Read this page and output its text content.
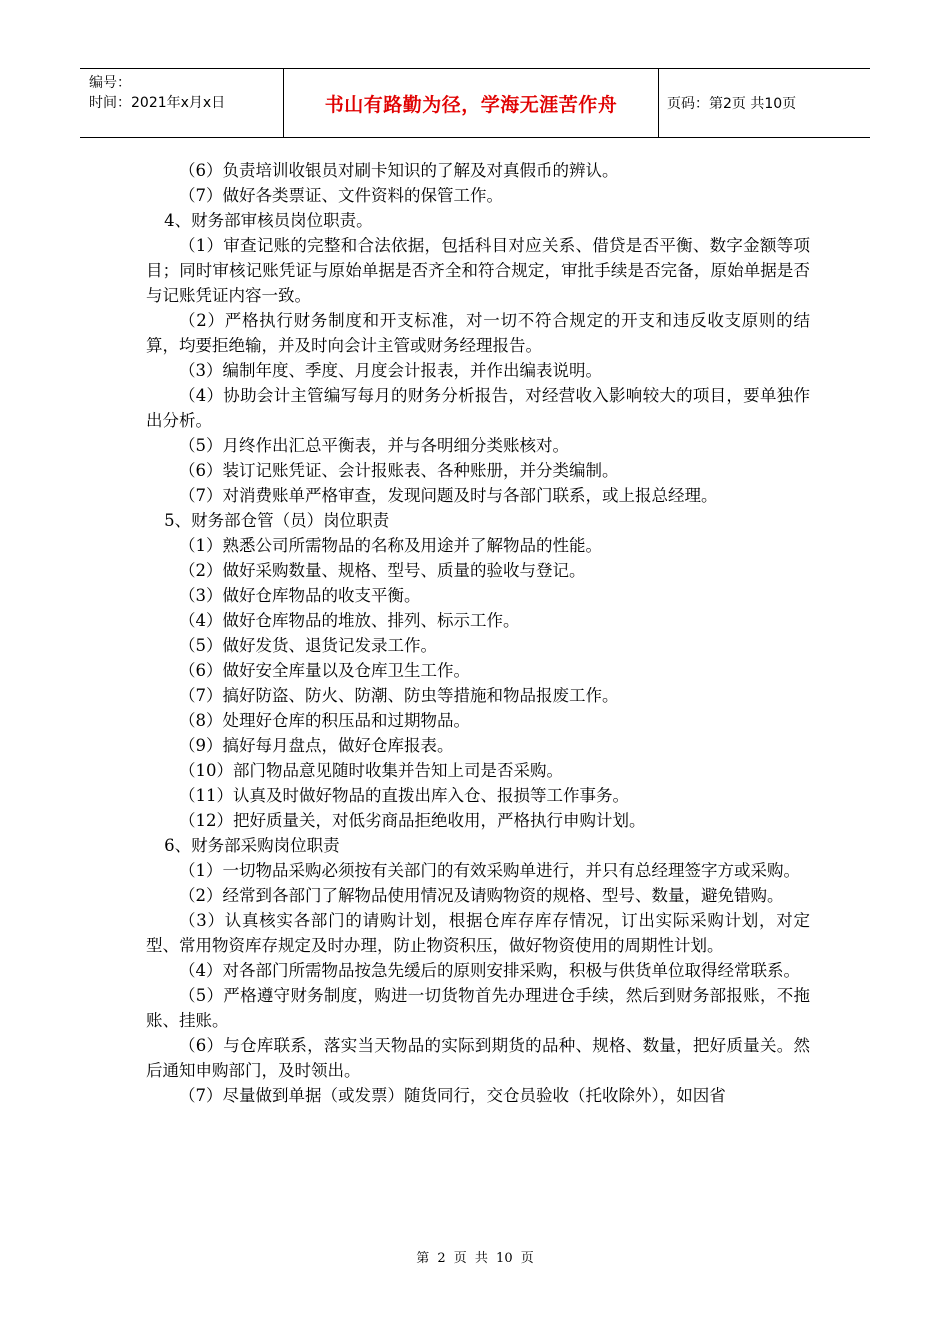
编号：
时间：2021年x月x日	书山有路勤为径，学海无涯苦作舟	页码：第2页 共10页

（6）负责培训收银员对刷卡知识的了解及对真假币的辨认。

（7）做好各类票证、文件资料的保管工作。

4、财务部审核员岗位职责。

（1）审查记账的完整和合法依据，包括科目对应关系、借贷是否平衡、数字金额等项目；同时审核记账凭证与原始单据是否齐全和符合规定，审批手续是否完备，原始单据是否与记账凭证内容一致。

（2）严格执行财务制度和开支标准，对一切不符合规定的开支和违反收支原则的结算，均要拒绝输，并及时向会计主管或财务经理报告。

（3）编制年度、季度、月度会计报表，并作出编表说明。

（4）协助会计主管编写每月的财务分析报告，对经营收入影响较大的项目，要单独作出分析。

（5）月终作出汇总平衡表，并与各明细分类账核对。

（6）装订记账凭证、会计报账表、各种账册，并分类编制。

（7）对消费账单严格审查，发现问题及时与各部门联系，或上报总经理。

5、财务部仓管（员）岗位职责

（1）熟悉公司所需物品的名称及用途并了解物品的性能。

（2）做好采购数量、规格、型号、质量的验收与登记。

（3）做好仓库物品的收支平衡。

（4）做好仓库物品的堆放、排列、标示工作。

（5）做好发货、退货记发录工作。

（6）做好安全库量以及仓库卫生工作。

（7）搞好防盗、防火、防潮、防虫等措施和物品报废工作。

（8）处理好仓库的积压品和过期物品。

（9）搞好每月盘点，做好仓库报表。

（10）部门物品意见随时收集并告知上司是否采购。

（11）认真及时做好物品的直拨出库入仓、报损等工作事务。

（12）把好质量关，对低劣商品拒绝收用，严格执行申购计划。

6、财务部采购岗位职责

（1）一切物品采购必须按有关部门的有效采购单进行，并只有总经理签字方或采购。

（2）经常到各部门了解物品使用情况及请购物资的规格、型号、数量，避免错购。

（3）认真核实各部门的请购计划，根据仓库存库存情况，订出实际采购计划，对定型、常用物资库存规定及时办理，防止物资积压，做好物资使用的周期性计划。

（4）对各部门所需物品按急先缓后的原则安排采购，积极与供货单位取得经常联系。

（5）严格遵守财务制度，购进一切货物首先办理进仓手续，然后到财务部报账，不拖账、挂账。

（6）与仓库联系，落实当天物品的实际到期货的品种、规格、数量，把好质量关。然后通知申购部门，及时领出。

（7）尽量做到单据（或发票）随货同行，交仓员验收（托收除外），如因省

第 2 页 共 10 页
